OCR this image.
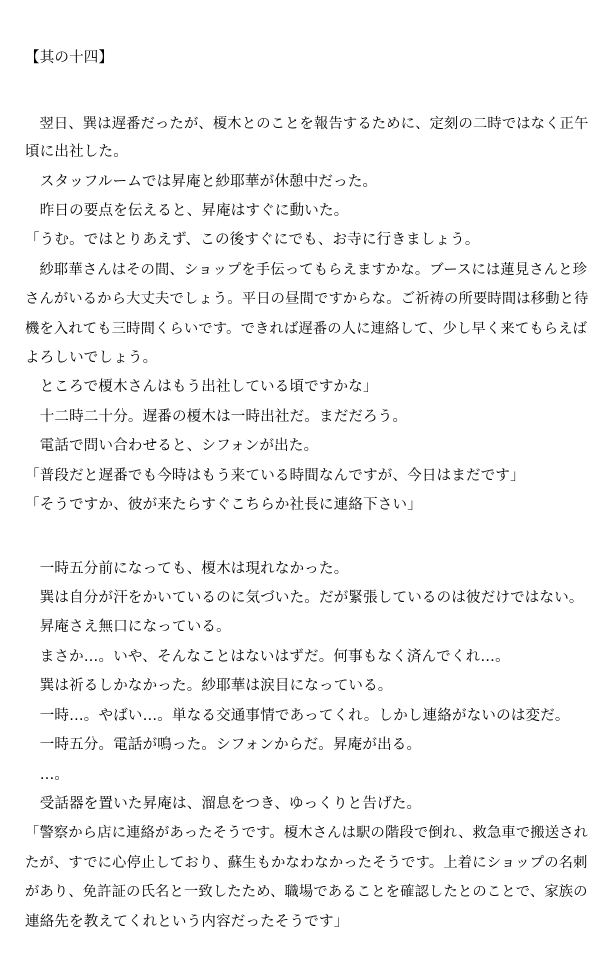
【其の十四】
　翌日、巽は遅番だったが、榎木とのことを報告するために、定刻の二時ではなく正午
頃に出社した。
　スタッフルームでは昇庵と紗耶華が休憩中だった。
　昨日の要点を伝えると、昇庵はすぐに動いた。
「うむ。ではとりあえず、この後すぐにでも、お寺に行きましょう。
　紗耶華さんはその間、ショップを手伝ってもらえますかな。ブースには蓮見さんと珍
さんがいるから大丈夫でしょう。平日の昼間ですからな。ご祈祷の所要時間は移動と待
機を入れても三時間くらいです。できれば遅番の人に連絡して、少し早く来てもらえば
よろしいでしょう。
　ところで榎木さんはもう出社している頃ですかな」
　十二時二十分。遅番の榎木は一時出社だ。まだだろう。
　電話で問い合わせると、シフォンが出た。
「普段だと遅番でも今時はもう来ている時間なんですが、今日はまだです」
「そうですか、彼が来たらすぐこちらか社長に連絡下さい」
　一時五分前になっても、榎木は現れなかった。
　巽は自分が汗をかいているのに気づいた。だが緊張しているのは彼だけではない。
　昇庵さえ無口になっている。
　まさか…。いや、そんなことはないはずだ。何事もなく済んでくれ…。
　巽は祈るしかなかった。紗耶華は涙目になっている。
　一時…。やばい…。単なる交通事情であってくれ。しかし連絡がないのは変だ。
　一時五分。電話が鳴った。シフォンからだ。昇庵が出る。
　…。
　受話器を置いた昇庵は、溜息をつき、ゆっくりと告げた。
「警察から店に連絡があったそうです。榎木さんは駅の階段で倒れ、救急車で搬送され
たが、すでに心停止しており、蘇生もかなわなかったそうです。上着にショップの名刺
があり、免許証の氏名と一致したため、職場であることを確認したとのことで、家族の
連絡先を教えてくれという内容だったそうです」
